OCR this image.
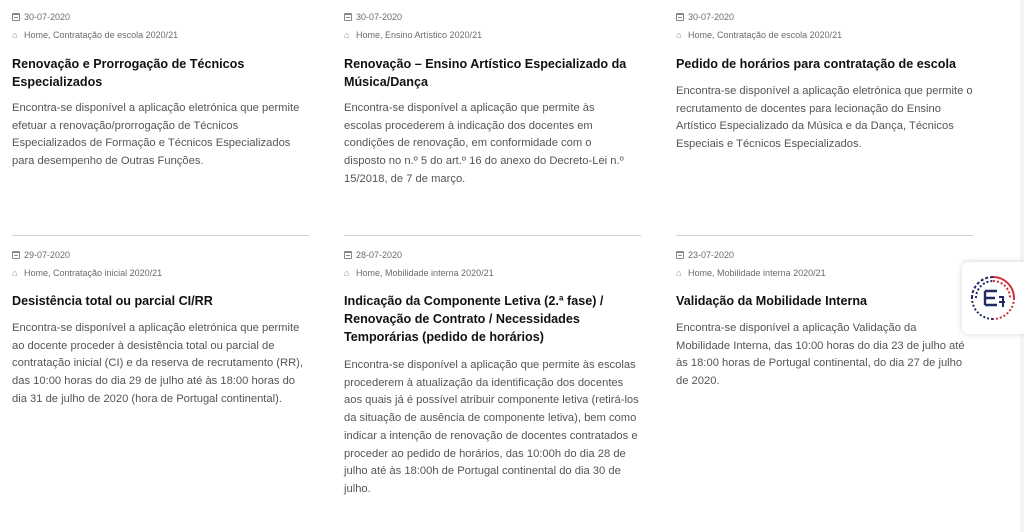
30-07-2020
⌂ Home , Contratação de escola 2020/21
Renovação e Prorrogação de Técnicos Especializados

Encontra-se disponível a aplicação eletrónica que permite efetuar a renovação/prorrogação de Técnicos Especializados de Formação e Técnicos Especializados para desempenho de Outras Funções.

30-07-2020
⌂ Home , Ensino Artístico 2020/21
Renovação – Ensino Artístico Especializado da Música/Dança

Encontra-se disponível a aplicação que permite às escolas procederem à indicação dos docentes em condições de renovação, em conformidade com o disposto no n.º 5 do art.º 16 do anexo do Decreto-Lei n.º 15/2018, de 7 de março.

30-07-2020
⌂ Home , Contratação de escola 2020/21
Pedido de horários para contratação de escola

Encontra-se disponível a aplicação eletrónica que permite o recrutamento de docentes para lecionação do Ensino Artístico Especializado da Música e da Dança, Técnicos Especiais e Técnicos Especializados.

29-07-2020
⌂ Home , Contratação inicial 2020/21
Desistência total ou parcial CI/RR

Encontra-se disponível a aplicação eletrónica que permite ao docente proceder à desistência total ou parcial de contratação inicial (CI) e da reserva de recrutamento (RR), das 10:00 horas do dia 29 de julho até às 18:00 horas do dia 31 de julho de 2020 (hora de Portugal continental).

28-07-2020
⌂ Home , Mobilidade interna 2020/21
Indicação da Componente Letiva (2.ª fase) / Renovação de Contrato / Necessidades Temporárias (pedido de horários)

Encontra-se disponível a aplicação que permite às escolas procederem à atualização da identificação dos docentes aos quais já é possível atribuir componente letiva (retirá-los da situação de ausência de componente letiva), bem como indicar a intenção de renovação de docentes contratados e proceder ao pedido de horários, das 10:00h do dia 28 de julho até às 18:00h de Portugal continental do dia 30 de julho.

23-07-2020
⌂ Home , Mobilidade interna 2020/21
Validação da Mobilidade Interna

Encontra-se disponível a aplicação Validação da Mobilidade Interna, das 10:00 horas do dia 23 de julho até às 18:00 horas de Portugal continental, do dia 27 de julho de 2020.
